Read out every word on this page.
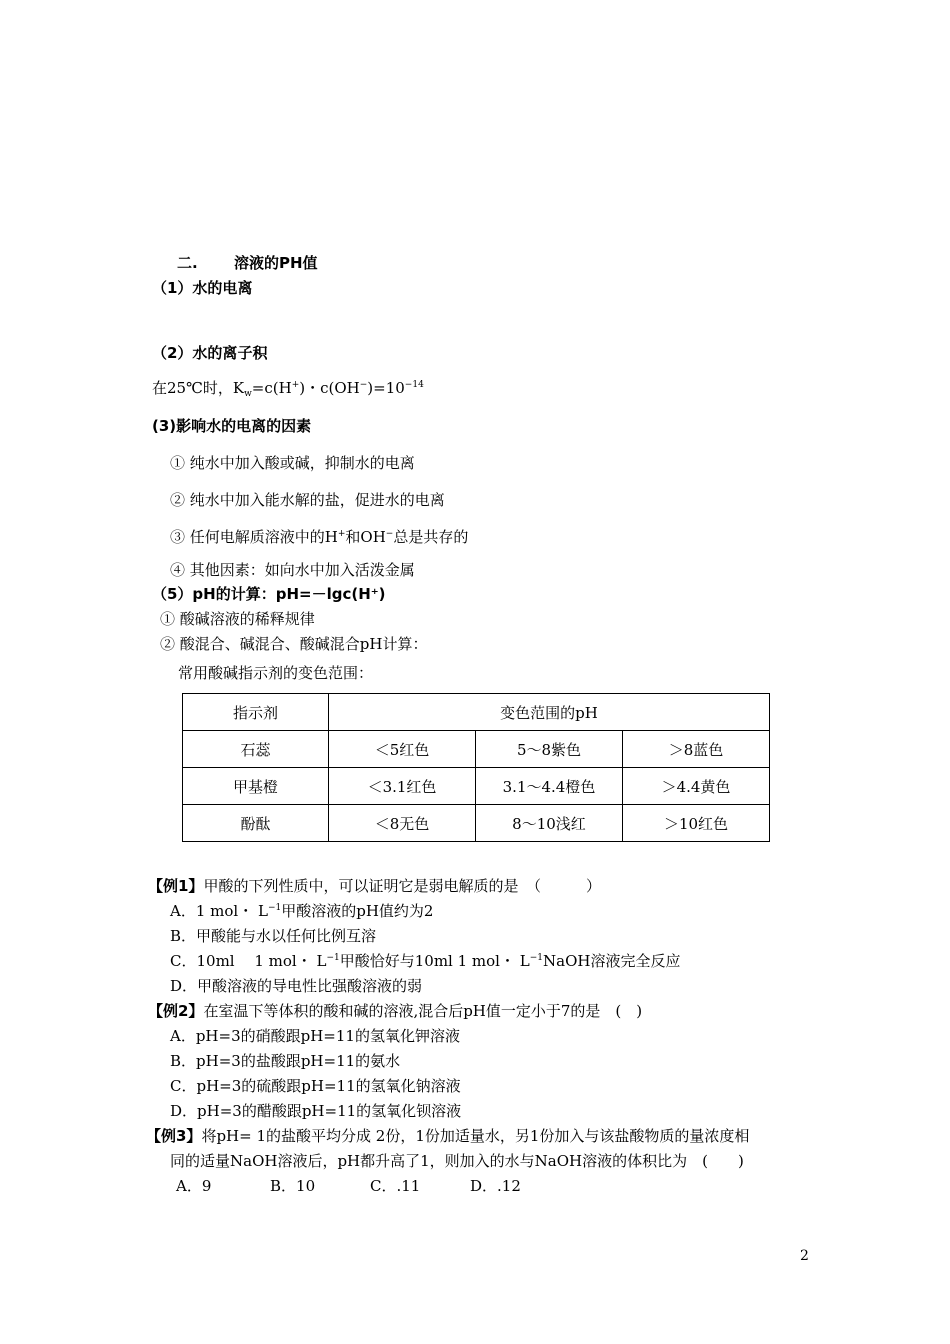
二. 溶液的PH值
（1）水的电离
（2）水的离子积
在25℃时，$K_w=c(H^+)$・$c(OH^-)=10^{-14}$
(3)影响水的电离的因素
① 纯水中加入酸或碱，抑制水的电离
② 纯水中加入能水解的盐，促进水的电离
③ 任何电解质溶液中的H+和OH−总是共存的
④ 其他因素：如向水中加入活泼金属
（5）pH的计算：pH=－lgc(H⁺)
① 酸碱溶液的稀释规律
② 酸混合、碱混合、酸碱混合pH计算：
常用酸碱指示剂的变色范围：
指示剂	变色范围的pH		
石蕊	＜5红色	5～8紫色	＞8蓝色
甲基橙	＜3.1红色	3.1～4.4橙色	＞4.4黄色
酚酞	＜8无色	8～10浅红	＞10红色
【例1】甲酸的下列性质中，可以证明它是弱电解质的是　（　　　）
A．1 mol・ $L^{-1}$甲酸溶液的pH值约为2
B．甲酸能与水以任何比例互溶
C．10ml　 1 mol・ $L^{-1}$甲酸恰好与10ml 1 mol・ $L^{-1}NaOH$溶液完全反应
D．甲酸溶液的导电性比强酸溶液的弱
【例2】在室温下等体积的酸和碱的溶液,混合后pH值一定小于7的是　(　)
A．pH=3的硝酸跟pH=11的氢氧化钾溶液
B．pH=3的盐酸跟pH=11的氨水
C．pH=3的硫酸跟pH=11的氢氧化钠溶液
D．pH=3的醋酸跟pH=11的氢氧化钡溶液
【例3】将pH= 1的盐酸平均分成 2份，1份加适量水，另1份加入与该盐酸物质的量浓度相
同的适量NaOH溶液后，pH都升高了1，则加入的水与NaOH溶液的体积比为　(　　)
A．9	B．10	C．.11	D．.12
2
